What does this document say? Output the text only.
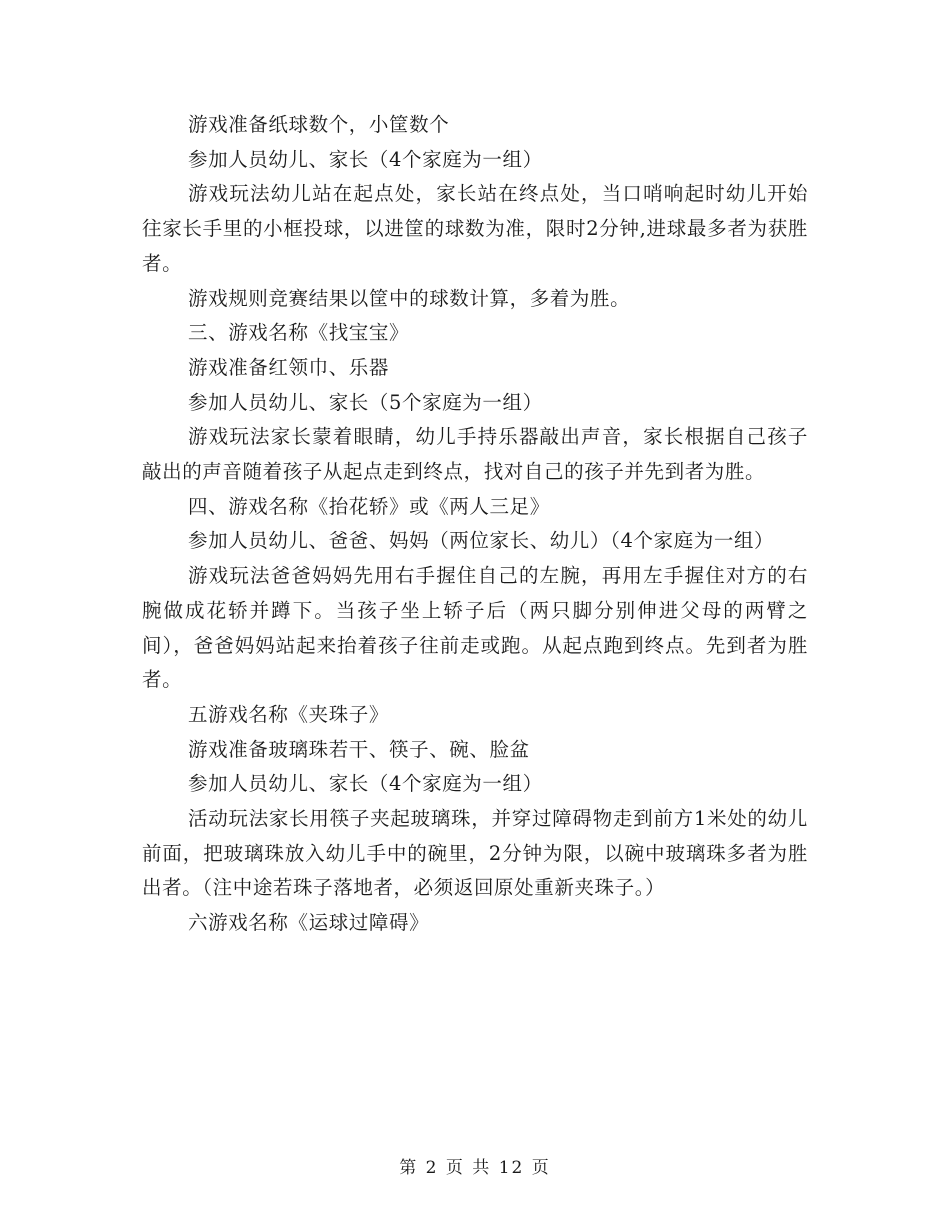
游戏准备纸球数个，小筐数个

参加人员幼儿、家长（4个家庭为一组）

游戏玩法幼儿站在起点处，家长站在终点处，当口哨响起时幼儿开始往家长手里的小框投球，以进筐的球数为准，限时2分钟,进球最多者为获胜者。

游戏规则竞赛结果以筐中的球数计算，多着为胜。

三、游戏名称《找宝宝》

游戏准备红领巾、乐器

参加人员幼儿、家长（5个家庭为一组）

游戏玩法家长蒙着眼睛，幼儿手持乐器敲出声音，家长根据自己孩子敲出的声音随着孩子从起点走到终点，找对自己的孩子并先到者为胜。

四、游戏名称《抬花轿》或《两人三足》

参加人员幼儿、爸爸、妈妈（两位家长、幼儿）（4个家庭为一组）

游戏玩法爸爸妈妈先用右手握住自己的左腕，再用左手握住对方的右腕做成花轿并蹲下。当孩子坐上轿子后（两只脚分别伸进父母的两臂之间），爸爸妈妈站起来抬着孩子往前走或跑。从起点跑到终点。先到者为胜者。

五游戏名称《夹珠子》

游戏准备玻璃珠若干、筷子、碗、脸盆

参加人员幼儿、家长（4个家庭为一组）

活动玩法家长用筷子夹起玻璃珠，并穿过障碍物走到前方1米处的幼儿前面，把玻璃珠放入幼儿手中的碗里，2分钟为限，以碗中玻璃珠多者为胜出者。（注中途若珠子落地者，必须返回原处重新夹珠子。）

六游戏名称《运球过障碍》

第 2 页 共 12 页
